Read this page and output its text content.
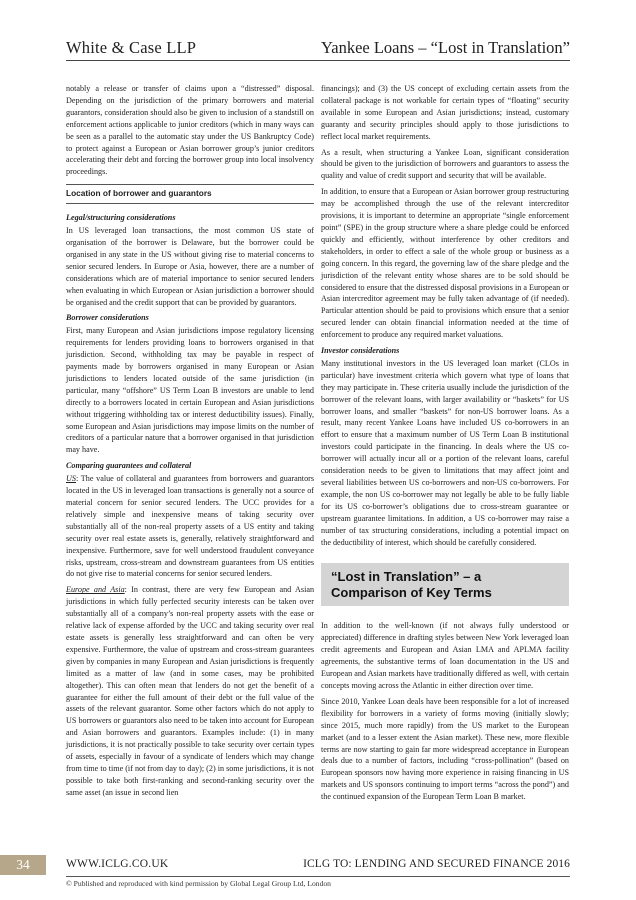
White & Case LLP	Yankee Loans – “Lost in Translation”

notably a release or transfer of claims upon a “distressed” disposal. Depending on the jurisdiction of the primary borrowers and material guarantors, consideration should also be given to inclusion of a standstill on enforcement actions applicable to junior creditors (which in many ways can be seen as a parallel to the automatic stay under the US Bankruptcy Code) to protect against a European or Asian borrower group’s junior creditors accelerating their debt and forcing the borrower group into local insolvency proceedings.

Location of borrower and guarantors
Legal/structuring considerations

In US leveraged loan transactions, the most common US state of organisation of the borrower is Delaware, but the borrower could be organised in any state in the US without giving rise to material concerns to senior secured lenders. In Europe or Asia, however, there are a number of considerations which are of material importance to senior secured lenders when evaluating in which European or Asian jurisdiction a borrower should be organised and the credit support that can be provided by guarantors.

Borrower considerations

First, many European and Asian jurisdictions impose regulatory licensing requirements for lenders providing loans to borrowers organised in that jurisdiction. Second, withholding tax may be payable in respect of payments made by borrowers organised in many European or Asian jurisdictions to lenders located outside of the same jurisdiction (in particular, many “offshore” US Term Loan B investors are unable to lend directly to a borrowers located in certain European and Asian jurisdictions without triggering withholding tax or interest deductibility issues). Finally, some European and Asian jurisdictions may impose limits on the number of creditors of a particular nature that a borrower organised in that jurisdiction may have.

Comparing guarantees and collateral

US: The value of collateral and guarantees from borrowers and guarantors located in the US in leveraged loan transactions is generally not a source of material concern for senior secured lenders. The UCC provides for a relatively simple and inexpensive means of taking security over substantially all of the non-real property assets of a US entity and taking security over real estate assets is, generally, relatively straightforward and inexpensive. Furthermore, save for well understood fraudulent conveyance risks, upstream, cross-stream and downstream guarantees from US entities do not give rise to material concerns for senior secured lenders.

Europe and Asia: In contrast, there are very few European and Asian jurisdictions in which fully perfected security interests can be taken over substantially all of a company’s non-real property assets with the ease or relative lack of expense afforded by the UCC and taking security over real estate assets is generally less straightforward and can often be very expensive. Furthermore, the value of upstream and cross-stream guarantees given by companies in many European and Asian jurisdictions is frequently limited as a matter of law (and in some cases, may be prohibited altogether). This can often mean that lenders do not get the benefit of a guarantee for either the full amount of their debt or the full value of the assets of the relevant guarantor. Some other factors which do not apply to US borrowers or guarantors also need to be taken into account for European and Asian borrowers and guarantors. Examples include: (1) in many jurisdictions, it is not practically possible to take security over certain types of assets, especially in favour of a syndicate of lenders which may change from time to time (if not from day to day); (2) in some jurisdictions, it is not possible to take both first-ranking and second-ranking security over the same asset (an issue in second lien

financings); and (3) the US concept of excluding certain assets from the collateral package is not workable for certain types of “floating” security available in some European and Asian jurisdictions; instead, customary guaranty and security principles should apply to those jurisdictions to reflect local market requirements.

As a result, when structuring a Yankee Loan, significant consideration should be given to the jurisdiction of borrowers and guarantors to assess the quality and value of credit support and security that will be available.

In addition, to ensure that a European or Asian borrower group restructuring may be accomplished through the use of the relevant intercreditor provisions, it is important to determine an appropriate “single enforcement point” (SPE) in the group structure where a share pledge could be enforced quickly and efficiently, without interference by other creditors and stakeholders, in order to effect a sale of the whole group or business as a going concern. In this regard, the governing law of the share pledge and the jurisdiction of the relevant entity whose shares are to be sold should be considered to ensure that the distressed disposal provisions in a European or Asian intercreditor agreement may be fully taken advantage of (if needed). Particular attention should be paid to provisions which ensure that a senior secured lender can obtain financial information needed at the time of enforcement to produce any required market valuations.

Investor considerations

Many institutional investors in the US leveraged loan market (CLOs in particular) have investment criteria which govern what type of loans that they may participate in. These criteria usually include the jurisdiction of the borrower of the relevant loans, with larger availability or “baskets” for US borrower loans, and smaller “baskets” for non-US borrower loans. As a result, many recent Yankee Loans have included US co-borrowers in an effort to ensure that a maximum number of US Term Loan B institutional investors could participate in the financing. In deals where the US co-borrower will actually incur all or a portion of the relevant loans, careful consideration needs to be given to limitations that may affect joint and several liabilities between US co-borrowers and non-US co-borrowers. For example, the non US co-borrower may not legally be able to be fully liable for its US co-borrower’s obligations due to cross-stream guarantee or upstream guarantee limitations. In addition, a US co-borrower may raise a number of tax structuring considerations, including a potential impact on the deductibility of interest, which should be carefully considered.

“Lost in Translation” – a Comparison of Key Terms

In addition to the well-known (if not always fully understood or appreciated) difference in drafting styles between New York leveraged loan credit agreements and European and Asian LMA and APLMA facility agreements, the substantive terms of loan documentation in the US and European and Asian markets have traditionally differed as well, with certain concepts moving across the Atlantic in either direction over time.

Since 2010, Yankee Loan deals have been responsible for a lot of increased flexibility for borrowers in a variety of forms moving (initially slowly; since 2015, much more rapidly) from the US market to the European market (and to a lesser extent the Asian market). These new, more flexible terms are now starting to gain far more widespread acceptance in European deals due to a number of factors, including “cross-pollination” (based on European sponsors now having more experience in raising financing in US markets and US sponsors continuing to import terms “across the pond”) and the continued expansion of the European Term Loan B market.

34	WWW.ICLG.CO.UK	ICLG TO: LENDING AND SECURED FINANCE 2016
© Published and reproduced with kind permission by Global Legal Group Ltd, London
